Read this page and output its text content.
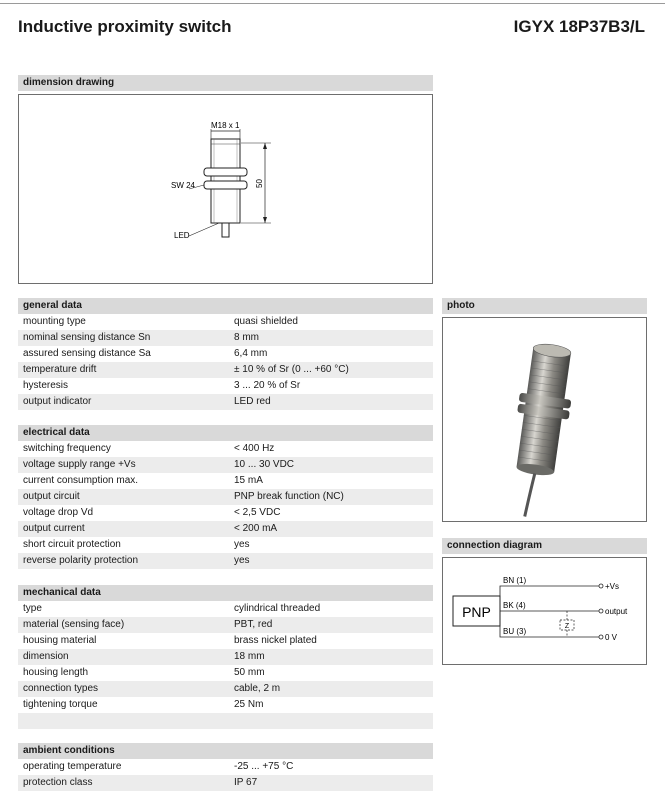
Inductive proximity switch	IGYX 18P37B3/L
dimension drawing
M18 x 1
SW 24	50
LED
photo
connection diagram
PNP
BN (1)
+Vs
BK (4)
output
BU (3)
0 V
Z
general data
mounting type	quasi shielded
nominal sensing distance Sn	8 mm
assured sensing distance Sa	6,4 mm
temperature drift	± 10 % of Sr (0 ... +60 °C)
hysteresis	3 ... 20 % of Sr
output indicator	LED red
electrical data
switching frequency	< 400 Hz
voltage supply range +Vs	10 ... 30 VDC
current consumption max.	15 mA
output circuit	PNP break function (NC)
voltage drop Vd	< 2,5 VDC
output current	< 200 mA
short circuit protection	yes
reverse polarity protection	yes
mechanical data
type	cylindrical threaded
material (sensing face)	PBT, red
housing material	brass nickel plated
dimension	18 mm
housing length	50 mm
connection types	cable, 2 m
tightening torque	25 Nm
ambient conditions
operating temperature	-25 ... +75 °C
protection class	IP 67
